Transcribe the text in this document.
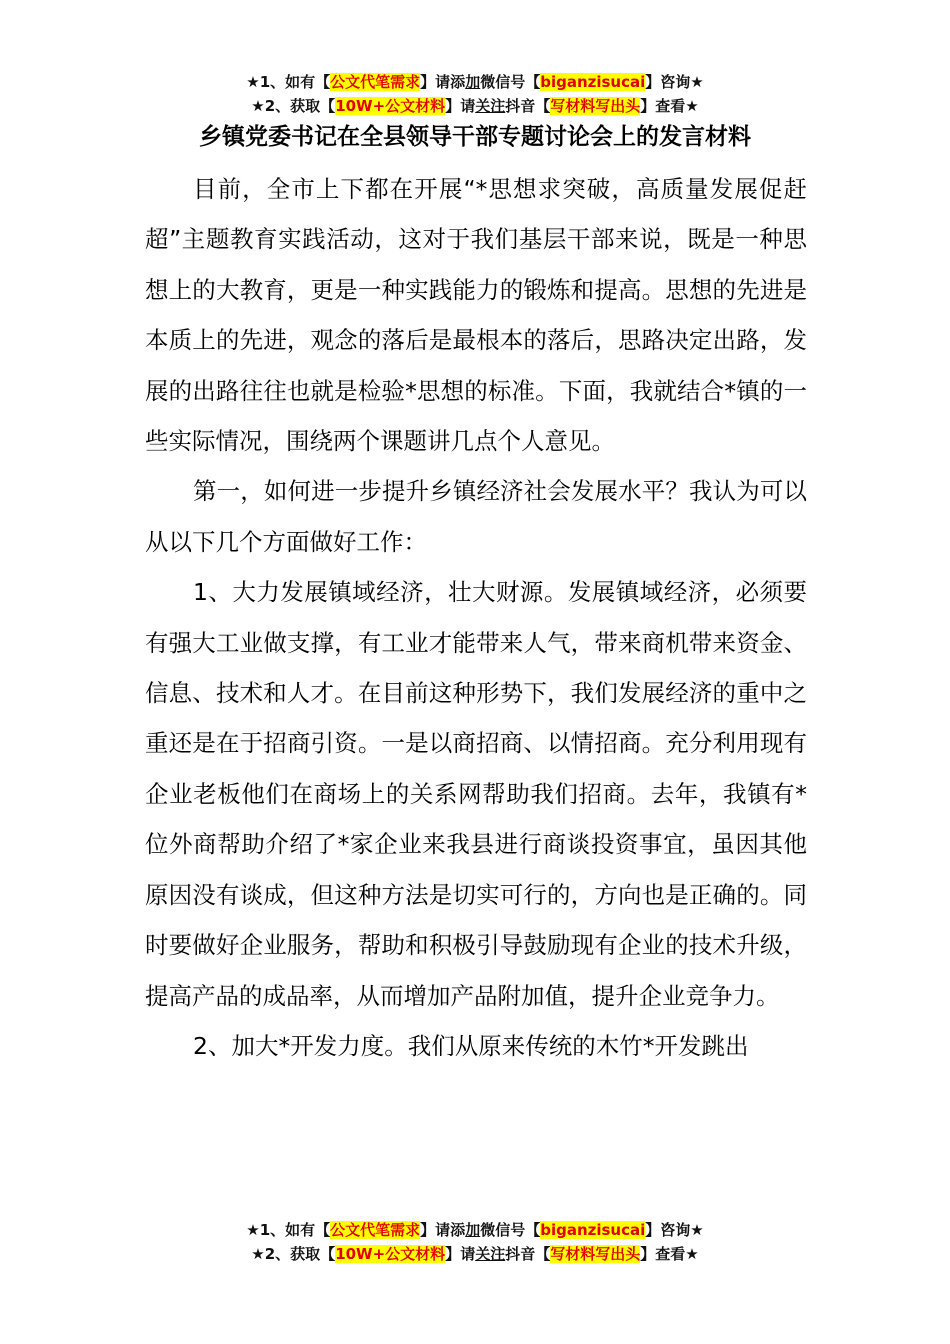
★1、如有【公文代笔需求】请添加微信号【biganzisucai】咨询★
★2、获取【10W+公文材料】请关注抖音【写材料写出头】查看★
乡镇党委书记在全县领导干部专题讨论会上的发言材料

目前，全市上下都在开展“*思想求突破，高质量发展促赶超”主题教育实践活动，这对于我们基层干部来说，既是一种思想上的大教育，更是一种实践能力的锻炼和提高。思想的先进是本质上的先进，观念的落后是最根本的落后，思路决定出路，发展的出路往往也就是检验*思想的标准。下面，我就结合*镇的一些实际情况，围绕两个课题讲几点个人意见。

第一，如何进一步提升乡镇经济社会发展水平？我认为可以从以下几个方面做好工作：

1、大力发展镇域经济，壮大财源。发展镇域经济，必须要有强大工业做支撑，有工业才能带来人气，带来商机带来资金、信息、技术和人才。在目前这种形势下，我们发展经济的重中之重还是在于招商引资。一是以商招商、以情招商。充分利用现有企业老板他们在商场上的关系网帮助我们招商。去年，我镇有*位外商帮助介绍了*家企业来我县进行商谈投资事宜，虽因其他原因没有谈成，但这种方法是切实可行的，方向也是正确的。同时要做好企业服务，帮助和积极引导鼓励现有企业的技术升级，提高产品的成品率，从而增加产品附加值，提升企业竞争力。

2、加大*开发力度。我们从原来传统的木竹*开发跳出

★1、如有【公文代笔需求】请添加微信号【biganzisucai】咨询★
★2、获取【10W+公文材料】请关注抖音【写材料写出头】查看★
